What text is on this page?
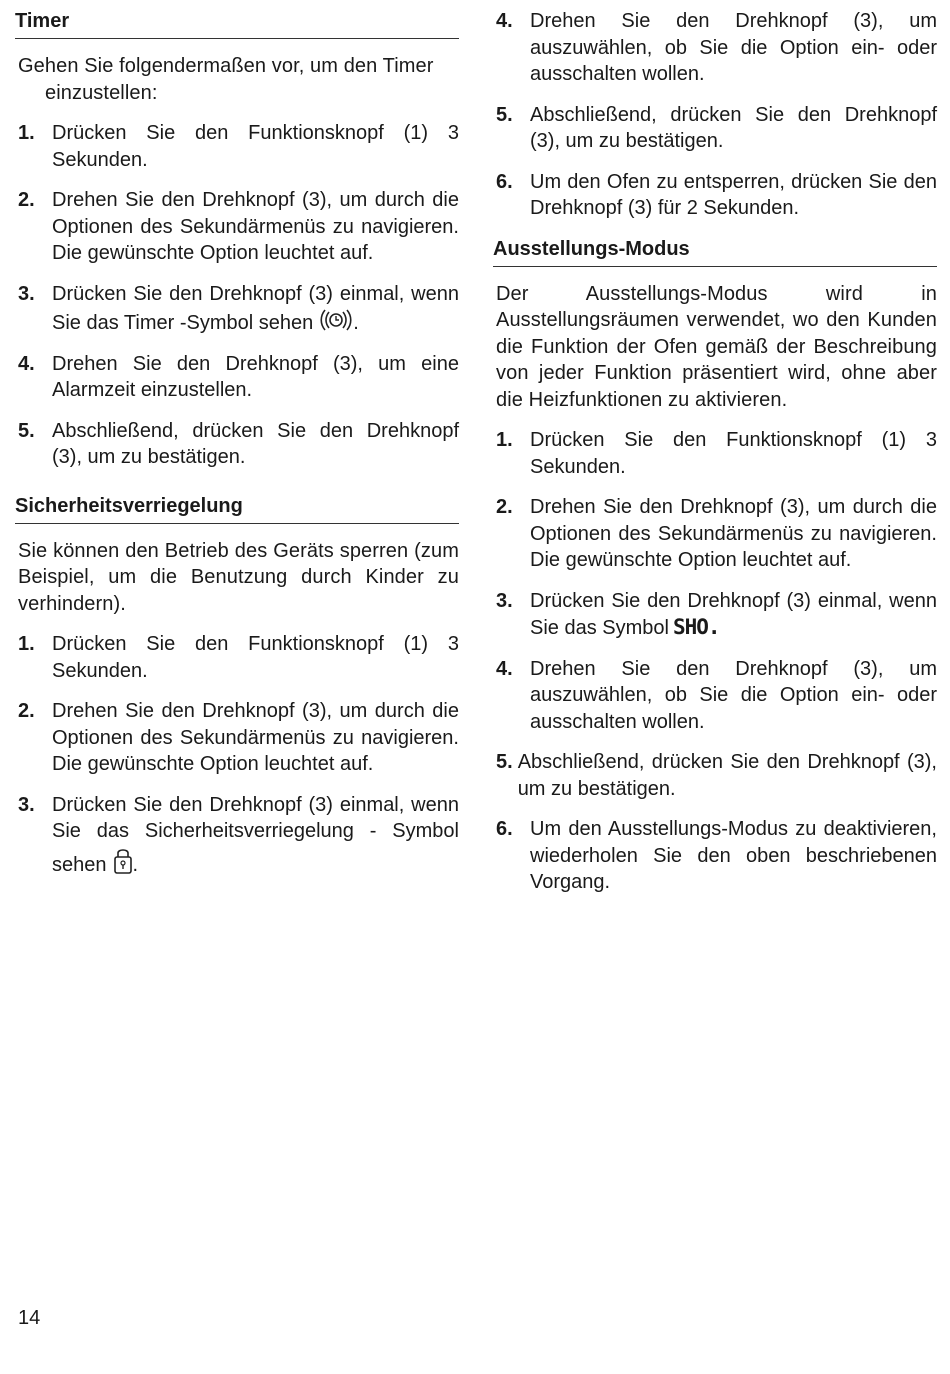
Timer

Gehen Sie folgendermaßen vor, um den Timer einzustellen:

1. Drücken Sie den Funktionsknopf (1) 3 Sekunden.
2. Drehen Sie den Drehknopf (3), um durch die Optionen des Sekundärmenüs zu navigieren. Die gewünschte Option leuchtet auf.
3. Drücken Sie den Drehknopf (3) einmal, wenn Sie das Timer -Symbol sehen .
4. Drehen Sie den Drehknopf (3), um eine Alarmzeit einzustellen.
5. Abschließend, drücken Sie den Drehknopf (3), um zu bestätigen.
Sicherheitsverriegelung

Sie können den Betrieb des Geräts sperren (zum Beispiel, um die Benutzung durch Kinder zu verhindern).

1. Drücken Sie den Funktionsknopf (1) 3 Sekunden.
2. Drehen Sie den Drehknopf (3), um durch die Optionen des Sekundärmenüs zu navigieren. Die gewünschte Option leuchtet auf.
3. Drücken Sie den Drehknopf (3) einmal, wenn Sie das Sicherheitsverriegelung - Symbol sehen .
4. Drehen Sie den Drehknopf (3), um auszuwählen, ob Sie die Option ein- oder ausschalten wollen.
5. Abschließend, drücken Sie den Drehknopf (3), um zu bestätigen.
6. Um den Ofen zu entsperren, drücken Sie den Drehknopf (3) für 2 Sekunden.
Ausstellungs-Modus

Der Ausstellungs-Modus wird in Ausstellungsräumen verwendet, wo den Kunden die Funktion der Ofen gemäß der Beschreibung von jeder Funktion präsentiert wird, ohne aber die Heizfunktionen zu aktivieren.

1. Drücken Sie den Funktionsknopf (1) 3 Sekunden.
2. Drehen Sie den Drehknopf (3), um durch die Optionen des Sekundärmenüs zu navigieren. Die gewünschte Option leuchtet auf.
3. Drücken Sie den Drehknopf (3) einmal, wenn Sie das Symbol SHO.
4. Drehen Sie den Drehknopf (3), um auszuwählen, ob Sie die Option ein- oder ausschalten wollen.
5. Abschließend, drücken Sie den Drehknopf (3), um zu bestätigen.
6. Um den Ausstellungs-Modus zu deaktivieren, wiederholen Sie den oben beschriebenen Vorgang.
14
